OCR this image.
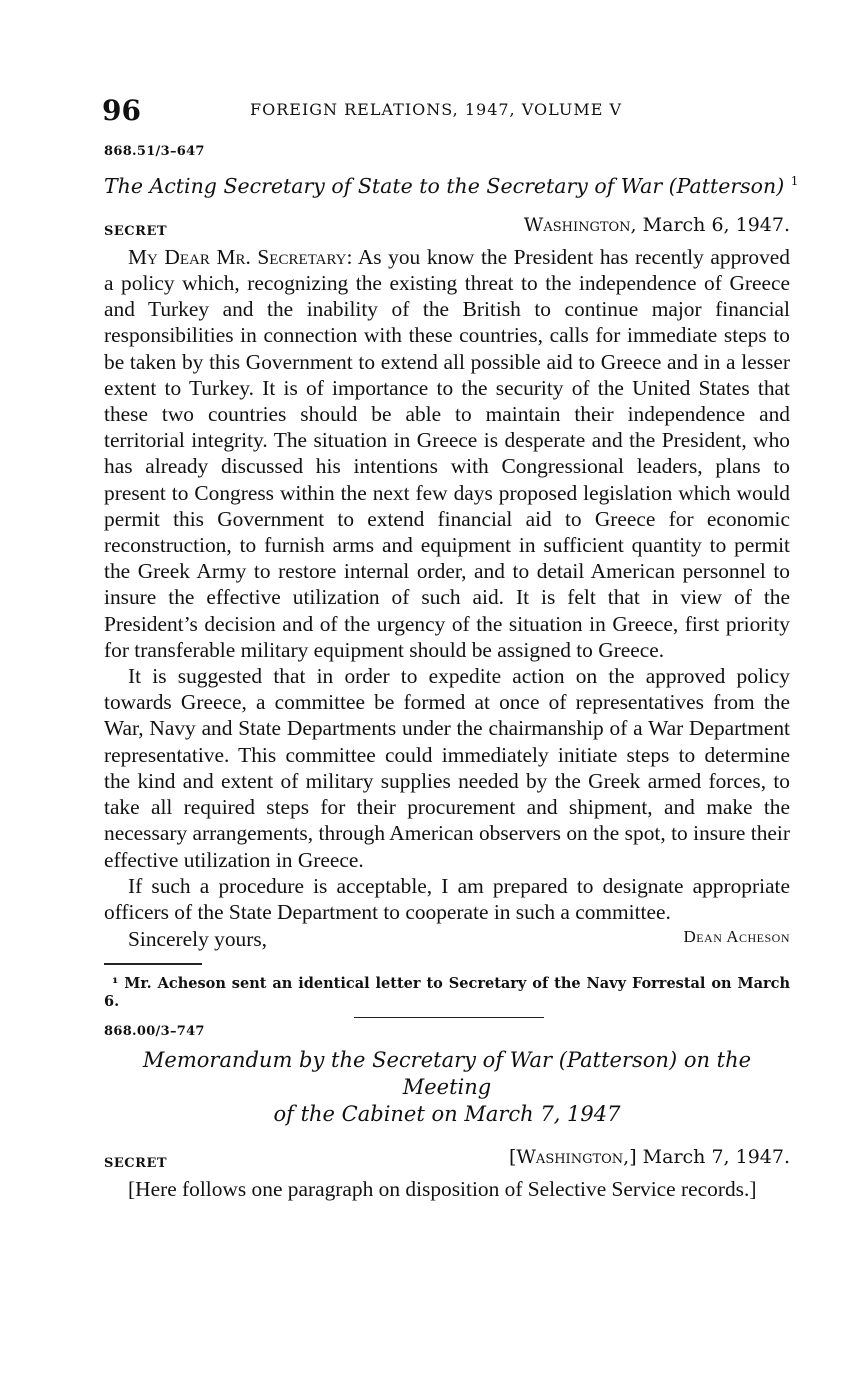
96	FOREIGN RELATIONS, 1947, VOLUME V
868.51/3–647
The Acting Secretary of State to the Secretary of War (Patterson) $^1$
SECRET	Washington, March 6, 1947.

My Dear Mr. Secretary: As you know the President has recently approved a policy which, recognizing the existing threat to the independence of Greece and Turkey and the inability of the British to continue major financial responsibilities in connection with these countries, calls for immediate steps to be taken by this Government to extend all possible aid to Greece and in a lesser extent to Turkey. It is of importance to the security of the United States that these two countries should be able to maintain their independence and territorial integrity. The situation in Greece is desperate and the President, who has already discussed his intentions with Congressional leaders, plans to present to Congress within the next few days proposed legislation which would permit this Government to extend financial aid to Greece for economic reconstruction, to furnish arms and equipment in sufficient quantity to permit the Greek Army to restore internal order, and to detail American personnel to insure the effective utilization of such aid. It is felt that in view of the President’s decision and of the urgency of the situation in Greece, first priority for transferable military equipment should be assigned to Greece.

It is suggested that in order to expedite action on the approved policy towards Greece, a committee be formed at once of representatives from the War, Navy and State Departments under the chairmanship of a War Department representative. This committee could immediately initiate steps to determine the kind and extent of military supplies needed by the Greek armed forces, to take all required steps for their procurement and shipment, and make the necessary arrangements, through American observers on the spot, to insure their effective utilization in Greece.

If such a procedure is acceptable, I am prepared to designate appropriate officers of the State Department to cooperate in such a committee.

Sincerely yours,	Dean Acheson
¹ Mr. Acheson sent an identical letter to Secretary of the Navy Forrestal on March 6.
868.00/3–747
Memorandum by the Secretary of War (Patterson) on the Meeting
of the Cabinet on March 7, 1947
SECRET	[Washington,] March 7, 1947.

[Here follows one paragraph on disposition of Selective Service records.]
